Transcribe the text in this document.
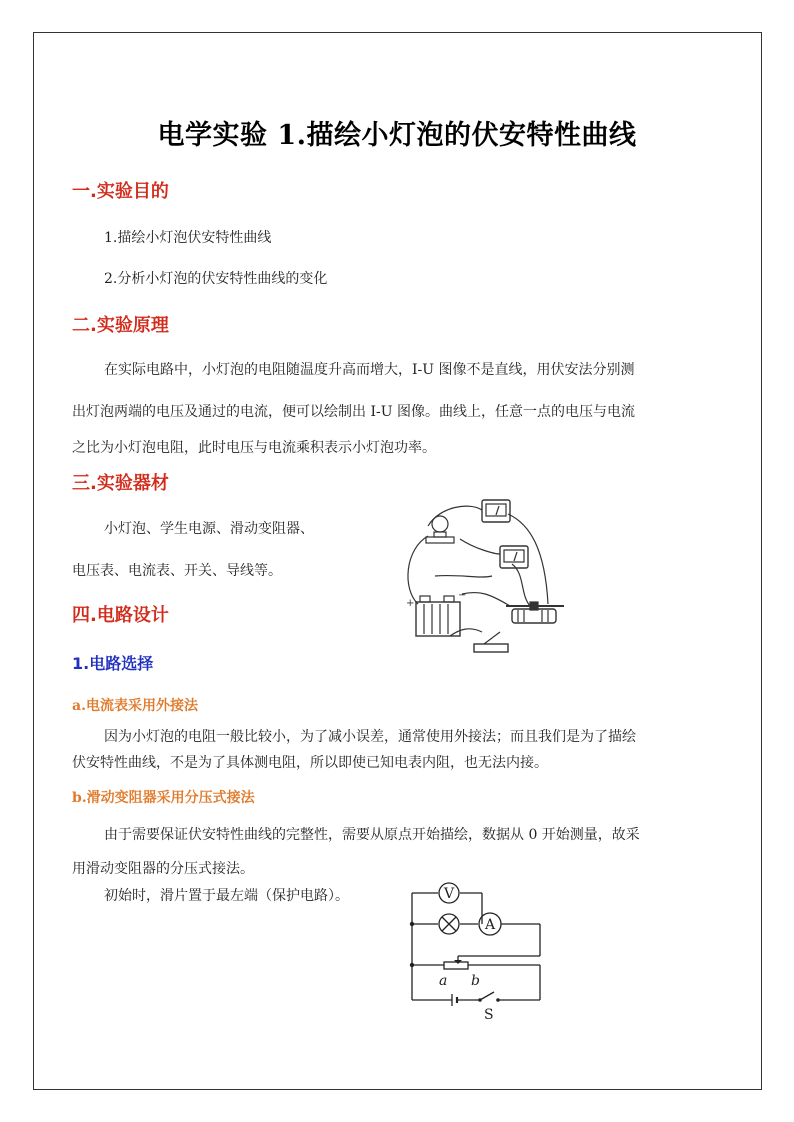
电学实验 1.描绘小灯泡的伏安特性曲线
一.实验目的
1.描绘小灯泡伏安特性曲线
2.分析小灯泡的伏安特性曲线的变化
二.实验原理
在实际电路中，小灯泡的电阻随温度升高而增大，I-U 图像不是直线，用伏安法分别测
出灯泡两端的电压及通过的电流，便可以绘制出 I-U 图像。曲线上，任意一点的电压与电流
之比为小灯泡电阻，此时电压与电流乘积表示小灯泡功率。
三.实验器材
小灯泡、学生电源、滑动变阻器、
电压表、电流表、开关、导线等。
+
−
四.电路设计
1.电路选择
a.电流表采用外接法
因为小灯泡的电阻一般比较小，为了减小误差，通常使用外接法；而且我们是为了描绘
伏安特性曲线，不是为了具体测电阻，所以即使已知电表内阻，也无法内接。
b.滑动变阻器采用分压式接法
由于需要保证伏安特性曲线的完整性，需要从原点开始描绘，数据从 0 开始测量，故采
用滑动变阻器的分压式接法。
初始时，滑片置于最左端（保护电路）。	V
A
a b
S
